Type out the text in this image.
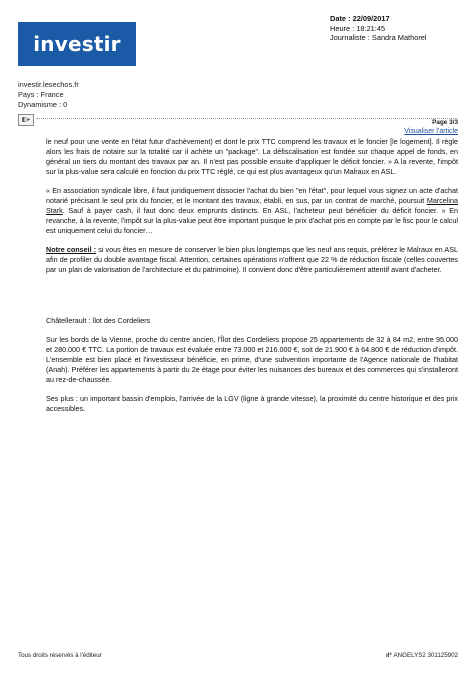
investir
Date : 22/09/2017
Heure : 18:21:45
Journaliste : Sandra Mathorel
investir.lesechos.fr
Pays : France
Dynamisme : 0
◧▸	Page 3/3
Visualiser l'article

le neuf pour une vente en l'état futur d'achèvement) et dont le prix TTC comprend les travaux et le foncier [le logement]. Il règle alors les frais de notaire sur la totalité car il achète un "package". La défiscalisation est fondée sur chaque appel de fonds, en général un tiers du montant des travaux par an. Il n'est pas possible ensuite d'appliquer le déficit foncier. » A la revente, l'impôt sur la plus-value sera calculé en fonction du prix TTC réglé, ce qui est plus avantageux qu'un Malraux en ASL.

« En association syndicale libre, il faut juridiquement dissocier l'achat du bien "en l'état", pour lequel vous signez un acte d'achat notarié précisant le seul prix du foncier, et le montant des travaux, établi, en sus, par un contrat de marché, poursuit Marcelina Stark. Sauf à payer cash, il faut donc deux emprunts distincts. En ASL, l'acheteur peut bénéficier du déficit foncier. » En revanche, à la revente, l'impôt sur la plus-value peut être important puisque le prix d'achat pris en compte par le fisc pour le calcul est uniquement celui du foncier…

Notre conseil : si vous êtes en mesure de conserver le bien plus longtemps que les neuf ans requis, préférez le Malraux en ASL afin de profiler du double avantage fiscal. Attention, certaines opérations n'offrent que 22 % de réduction fiscale (celles couvertes par un plan de valorisation de l'architecture et du patrimoine). Il convient donc d'être particulièrement attentif avant d'acheter.

Châtellerault : îlot des Cordeliers

Sur les bords de la Vienne, proche du centre ancien, l'Îlot des Cordeliers propose 25 appartements de 32 à 84 m2, entre 95.000 et 280.000 € TTC. La portion de travaux est évaluée entre 73.000 et 216.000 €, soit de 21.900 € à 64.800 € de réduction d'impôt. L'ensemble est bien placé et l'investisseur bénéficie, en prime, d'une subvention importante de l'Agence nationale de l'habitat (Anah). Préférer les appartements à partir du 2e étage pour éviter les nuisances des bureaux et des commerces qui s'installeront au rez-de-chaussée.

Ses plus : un important bassin d'emplois, l'arrivée de la LGV (ligne à grande vitesse), la proximité du centre historique et des prix accessibles.

Tous droits réservés à l'éditeur	ıl³ ANGELYS2 301125902
